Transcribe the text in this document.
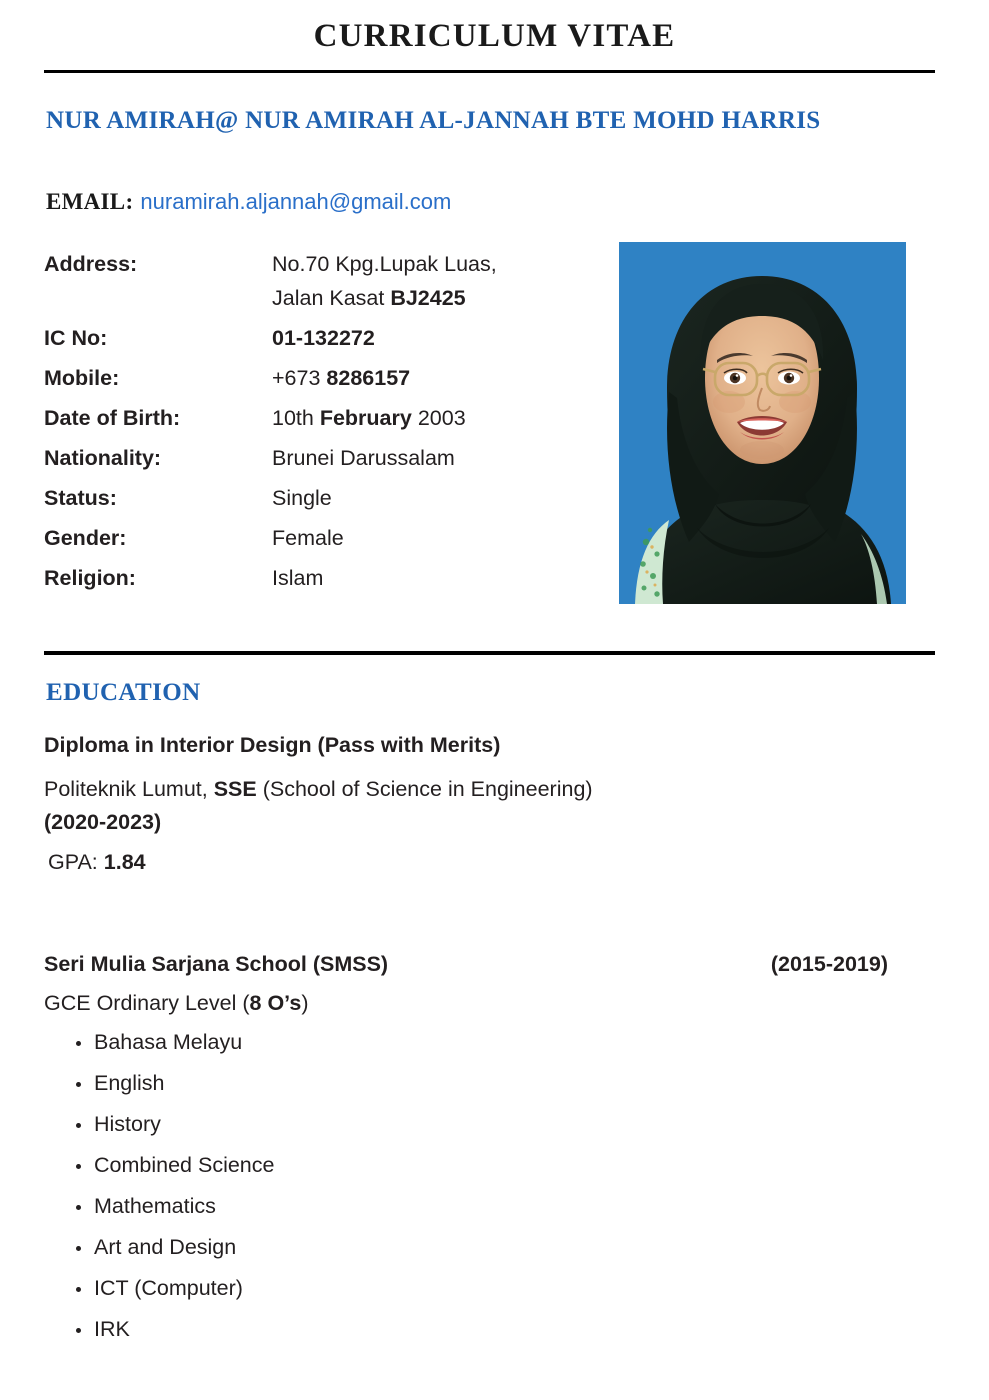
CURRICULUM VITAE
NUR AMIRAH@ NUR AMIRAH AL-JANNAH BTE MOHD HARRIS
EMAIL: nuramirah.aljannah@gmail.com
Address:	No.70 Kpg.Lupak Luas,
Jalan Kasat BJ2425
IC No:	01-132272
Mobile:	+673 8286157
Date of Birth:	10th February 2003
Nationality:	Brunei Darussalam
Status:	Single
Gender:	Female
Religion:	Islam
EDUCATION
Diploma in Interior Design (Pass with Merits)
Politeknik Lumut, SSE (School of Science in Engineering)
(2020-2023)
GPA: 1.84
Seri Mulia Sarjana School (SMSS)	(2015-2019)
GCE Ordinary Level (8 O’s)
Bahasa Melayu
English
History
Combined Science
Mathematics
Art and Design
ICT (Computer)
IRK
